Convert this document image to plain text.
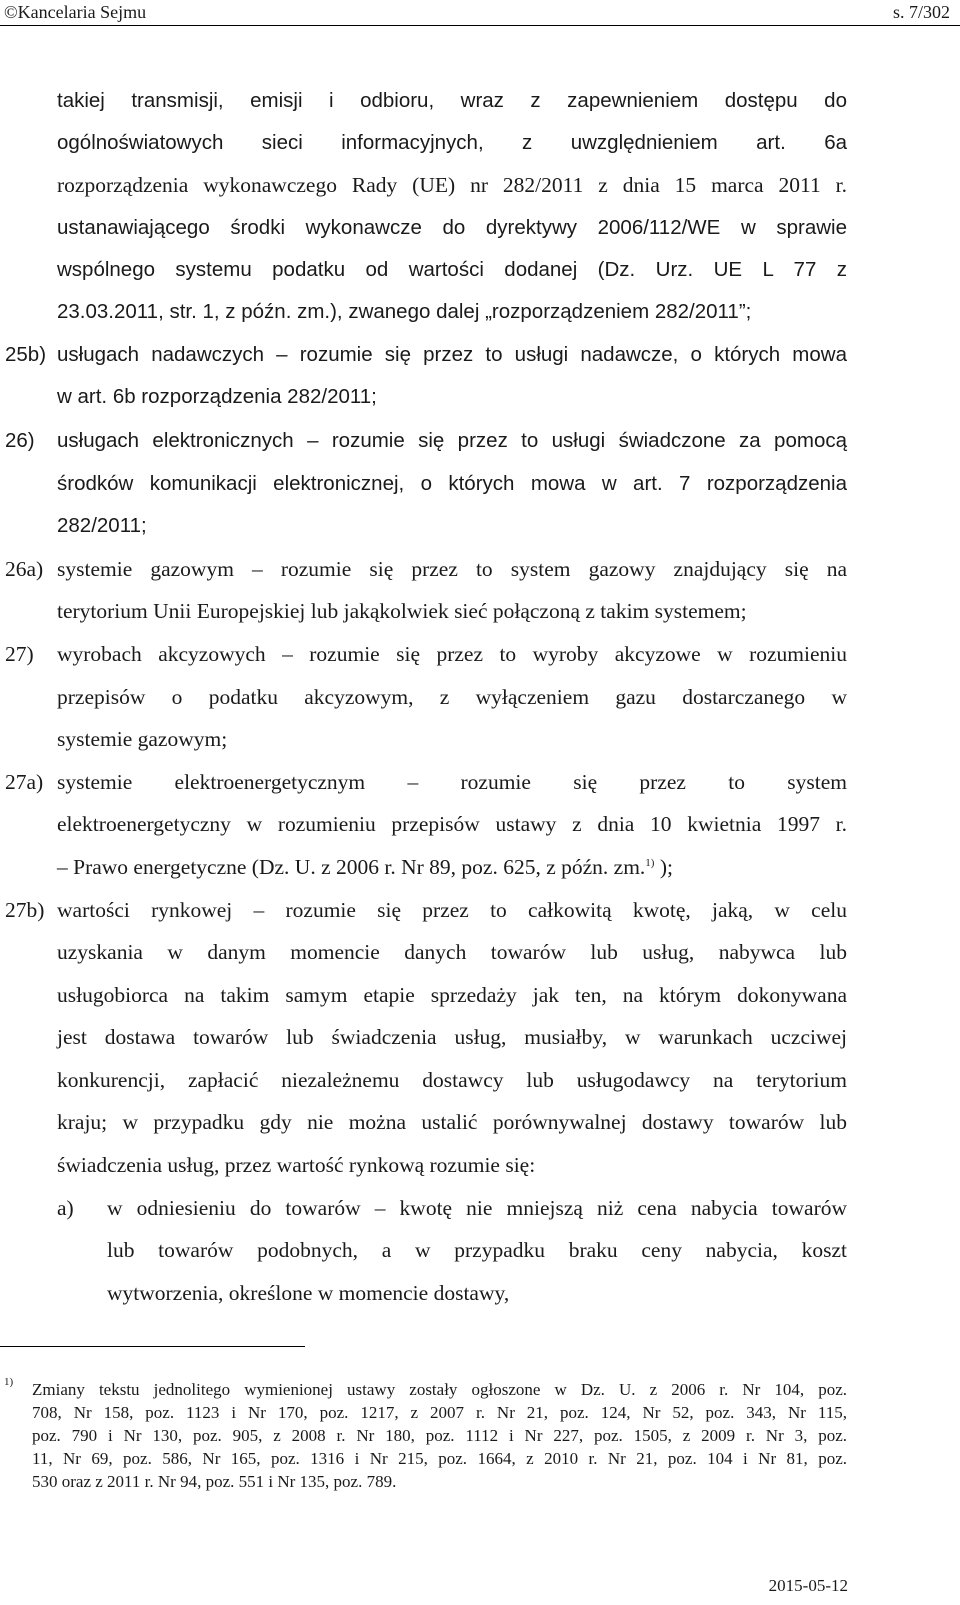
©Kancelaria Sejmu	s. 7/302
takiej transmisji, emisji i odbioru, wraz z zapewnieniem dostępu do
ogólnoświatowych sieci informacyjnych, z uwzględnieniem art. 6a
rozporządzenia wykonawczego Rady (UE) nr 282/2011 z dnia 15 marca 2011 r.
ustanawiającego środki wykonawcze do dyrektywy 2006/112/WE w sprawie
wspólnego systemu podatku od wartości dodanej (Dz. Urz. UE L 77 z
23.03.2011, str. 1, z późn. zm.), zwanego dalej „rozporządzeniem 282/2011”;
25b) usługach nadawczych – rozumie się przez to usługi nadawcze, o których mowa
w art. 6b rozporządzenia 282/2011;
26) usługach elektronicznych – rozumie się przez to usługi świadczone za pomocą
środków komunikacji elektronicznej, o których mowa w art. 7 rozporządzenia
282/2011;
26a) systemie gazowym – rozumie się przez to system gazowy znajdujący się na
terytorium Unii Europejskiej lub jakąkolwiek sieć połączoną z takim systemem;
27) wyrobach akcyzowych – rozumie się przez to wyroby akcyzowe w rozumieniu
przepisów o podatku akcyzowym, z wyłączeniem gazu dostarczanego w
systemie gazowym;
27a) systemie elektroenergetycznym – rozumie się przez to system
elektroenergetyczny w rozumieniu przepisów ustawy z dnia 10 kwietnia 1997 r.
– Prawo energetyczne (Dz. U. z 2006 r. Nr 89, poz. 625, z późn. zm.$^{1)}$ );
27b) wartości rynkowej – rozumie się przez to całkowitą kwotę, jaką, w celu
uzyskania w danym momencie danych towarów lub usług, nabywca lub
usługobiorca na takim samym etapie sprzedaży jak ten, na którym dokonywana
jest dostawa towarów lub świadczenia usług, musiałby, w warunkach uczciwej
konkurencji, zapłacić niezależnemu dostawcy lub usługodawcy na terytorium
kraju; w przypadku gdy nie można ustalić porównywalnej dostawy towarów lub
świadczenia usług, przez wartość rynkową rozumie się:
a) w odniesieniu do towarów – kwotę nie mniejszą niż cena nabycia towarów
lub towarów podobnych, a w przypadku braku ceny nabycia, koszt
wytworzenia, określone w momencie dostawy,
1) Zmiany tekstu jednolitego wymienionej ustawy zostały ogłoszone w Dz. U. z 2006 r. Nr 104, poz.
708, Nr 158, poz. 1123 i Nr 170, poz. 1217, z 2007 r. Nr 21, poz. 124, Nr 52, poz. 343, Nr 115,
poz. 790 i Nr 130, poz. 905, z 2008 r. Nr 180, poz. 1112 i Nr 227, poz. 1505, z 2009 r. Nr 3, poz.
11, Nr 69, poz. 586, Nr 165, poz. 1316 i Nr 215, poz. 1664, z 2010 r. Nr 21, poz. 104 i Nr 81, poz.
530 oraz z 2011 r. Nr 94, poz. 551 i Nr 135, poz. 789.
2015-05-12
